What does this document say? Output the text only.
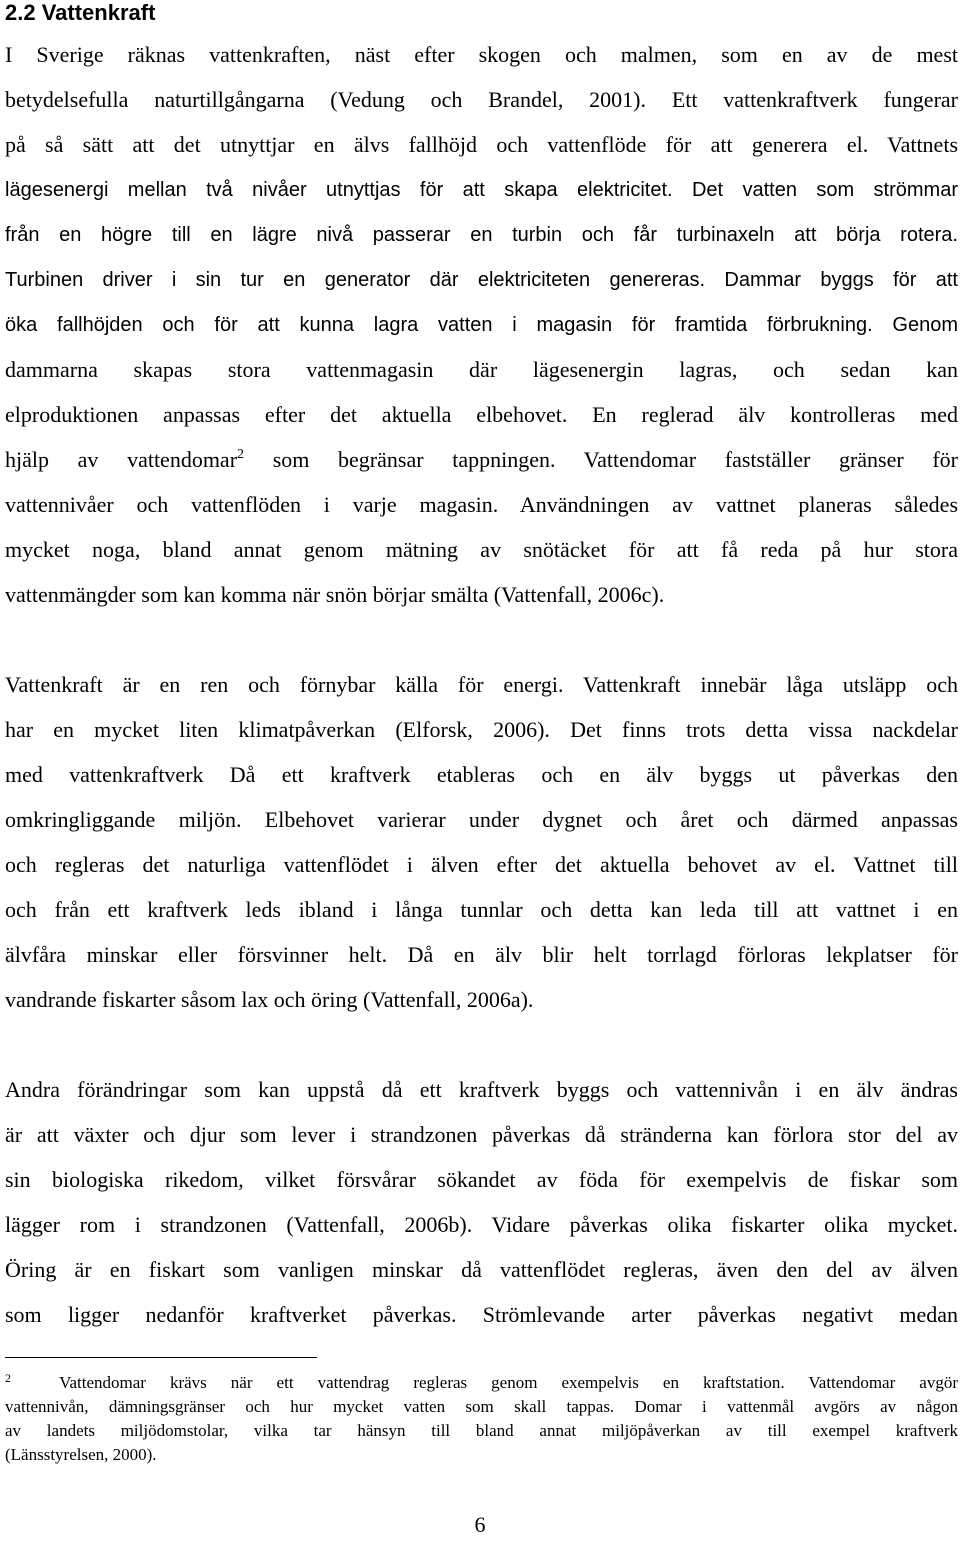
2.2 Vattenkraft
I Sverige räknas vattenkraften, näst efter skogen och malmen, som en av de mest
betydelsefulla naturtillgångarna (Vedung och Brandel, 2001). Ett vattenkraftverk fungerar
på så sätt att det utnyttjar en älvs fallhöjd och vattenflöde för att generera el. Vattnets
lägesenergi mellan två nivåer utnyttjas för att skapa elektricitet. Det vatten som strömmar
från en högre till en lägre nivå passerar en turbin och får turbinaxeln att börja rotera.
Turbinen driver i sin tur en generator där elektriciteten genereras. Dammar byggs för att
öka fallhöjden och för att kunna lagra vatten i magasin för framtida förbrukning. Genom
dammarna skapas stora vattenmagasin där lägesenergin lagras, och sedan kan
elproduktionen anpassas efter det aktuella elbehovet. En reglerad älv kontrolleras med
hjälp av vattendomar$^2$ som begränsar tappningen. Vattendomar fastställer gränser för
vattennivåer och vattenflöden i varje magasin. Användningen av vattnet planeras således
mycket noga, bland annat genom mätning av snötäcket för att få reda på hur stora
vattenmängder som kan komma när snön börjar smälta (Vattenfall, 2006c).
Vattenkraft är en ren och förnybar källa för energi. Vattenkraft innebär låga utsläpp och
har en mycket liten klimatpåverkan (Elforsk, 2006). Det finns trots detta vissa nackdelar
med vattenkraftverk Då ett kraftverk etableras och en älv byggs ut påverkas den
omkringliggande miljön. Elbehovet varierar under dygnet och året och därmed anpassas
och regleras det naturliga vattenflödet i älven efter det aktuella behovet av el. Vattnet till
och från ett kraftverk leds ibland i långa tunnlar och detta kan leda till att vattnet i en
älvfåra minskar eller försvinner helt. Då en älv blir helt torrlagd förloras lekplatser för
vandrande fiskarter såsom lax och öring (Vattenfall, 2006a).
Andra förändringar som kan uppstå då ett kraftverk byggs och vattennivån i en älv ändras
är att växter och djur som lever i strandzonen påverkas då stränderna kan förlora stor del av
sin biologiska rikedom, vilket försvårar sökandet av föda för exempelvis de fiskar som
lägger rom i strandzonen (Vattenfall, 2006b). Vidare påverkas olika fiskarter olika mycket.
Öring är en fiskart som vanligen minskar då vattenflödet regleras, även den del av älven
som ligger nedanför kraftverket påverkas. Strömlevande arter påverkas negativt medan
$^2$	Vattendomar krävs när ett vattendrag regleras genom exempelvis en kraftstation. Vattendomar avgör
vattennivån, dämningsgränser och hur mycket vatten som skall tappas. Domar i vattenmål avgörs av någon
av landets miljödomstolar, vilka tar hänsyn till bland annat miljöpåverkan av till exempel kraftverk
(Länsstyrelsen, 2000).
6
